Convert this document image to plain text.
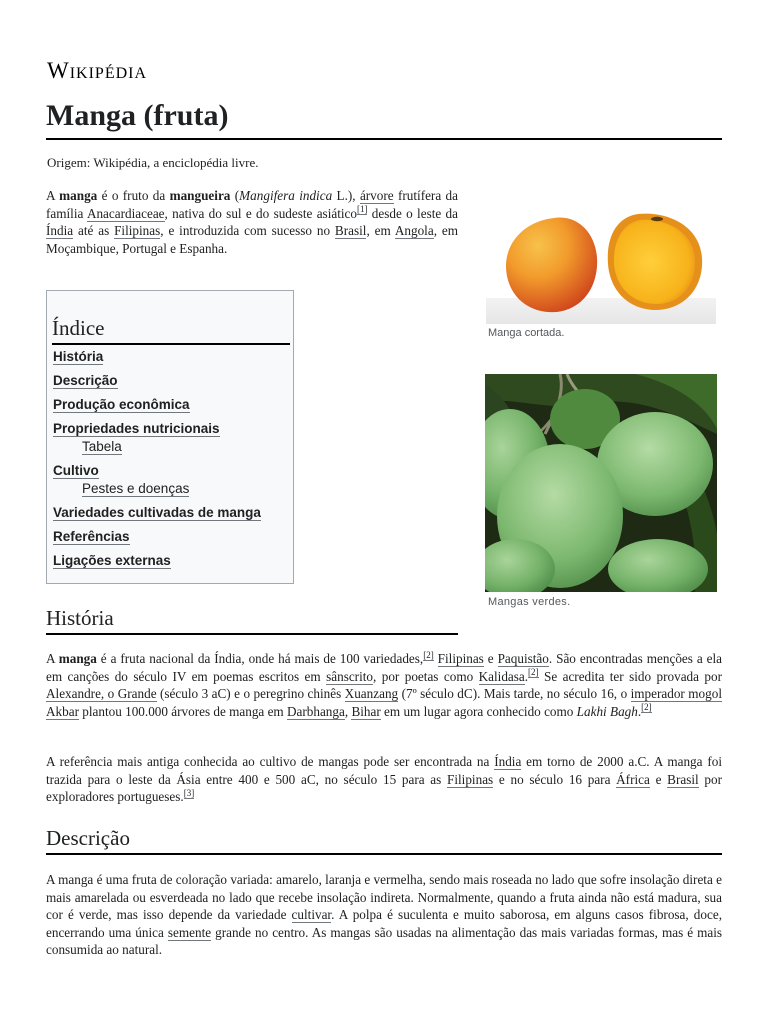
Wikipédia
Manga (fruta)
Origem: Wikipédia, a enciclopédia livre.

A manga é o fruto da mangueira (Mangifera indica L.), árvore frutífera da família Anacardiaceae, nativa do sul e do sudeste asiático[1] desde o leste da Índia até as Filipinas, e introduzida com sucesso no Brasil, em Angola, em Moçambique, Portugal e Espanha.

Índice
História
Descrição
Produção econômica
Propriedades nutricionais
Tabela
Cultivo
Pestes e doenças
Variedades cultivadas de manga
Referências
Ligações externas
Manga cortada.
Mangas verdes.
História

A manga é a fruta nacional da Índia, onde há mais de 100 variedades,[2] Filipinas e Paquistão. São encontradas menções a ela em canções do século IV em poemas escritos em sânscrito, por poetas como Kalidasa.[2] Se acredita ter sido provada por Alexandre, o Grande (século 3 aC) e o peregrino chinês Xuanzang (7º século dC). Mais tarde, no século 16, o imperador mogol Akbar plantou 100.000 árvores de manga em Darbhanga, Bihar em um lugar agora conhecido como Lakhi Bagh.[2]

A referência mais antiga conhecida ao cultivo de mangas pode ser encontrada na Índia em torno de 2000 a.C. A manga foi trazida para o leste da Ásia entre 400 e 500 aC, no século 15 para as Filipinas e no século 16 para África e Brasil por exploradores portugueses.[3]

Descrição

A manga é uma fruta de coloração variada: amarelo, laranja e vermelha, sendo mais roseada no lado que sofre insolação direta e mais amarelada ou esverdeada no lado que recebe insolação indireta. Normalmente, quando a fruta ainda não está madura, sua cor é verde, mas isso depende da variedade cultivar. A polpa é suculenta e muito saborosa, em alguns casos fibrosa, doce, encerrando uma única semente grande no centro. As mangas são usadas na alimentação das mais variadas formas, mas é mais consumida ao natural.
